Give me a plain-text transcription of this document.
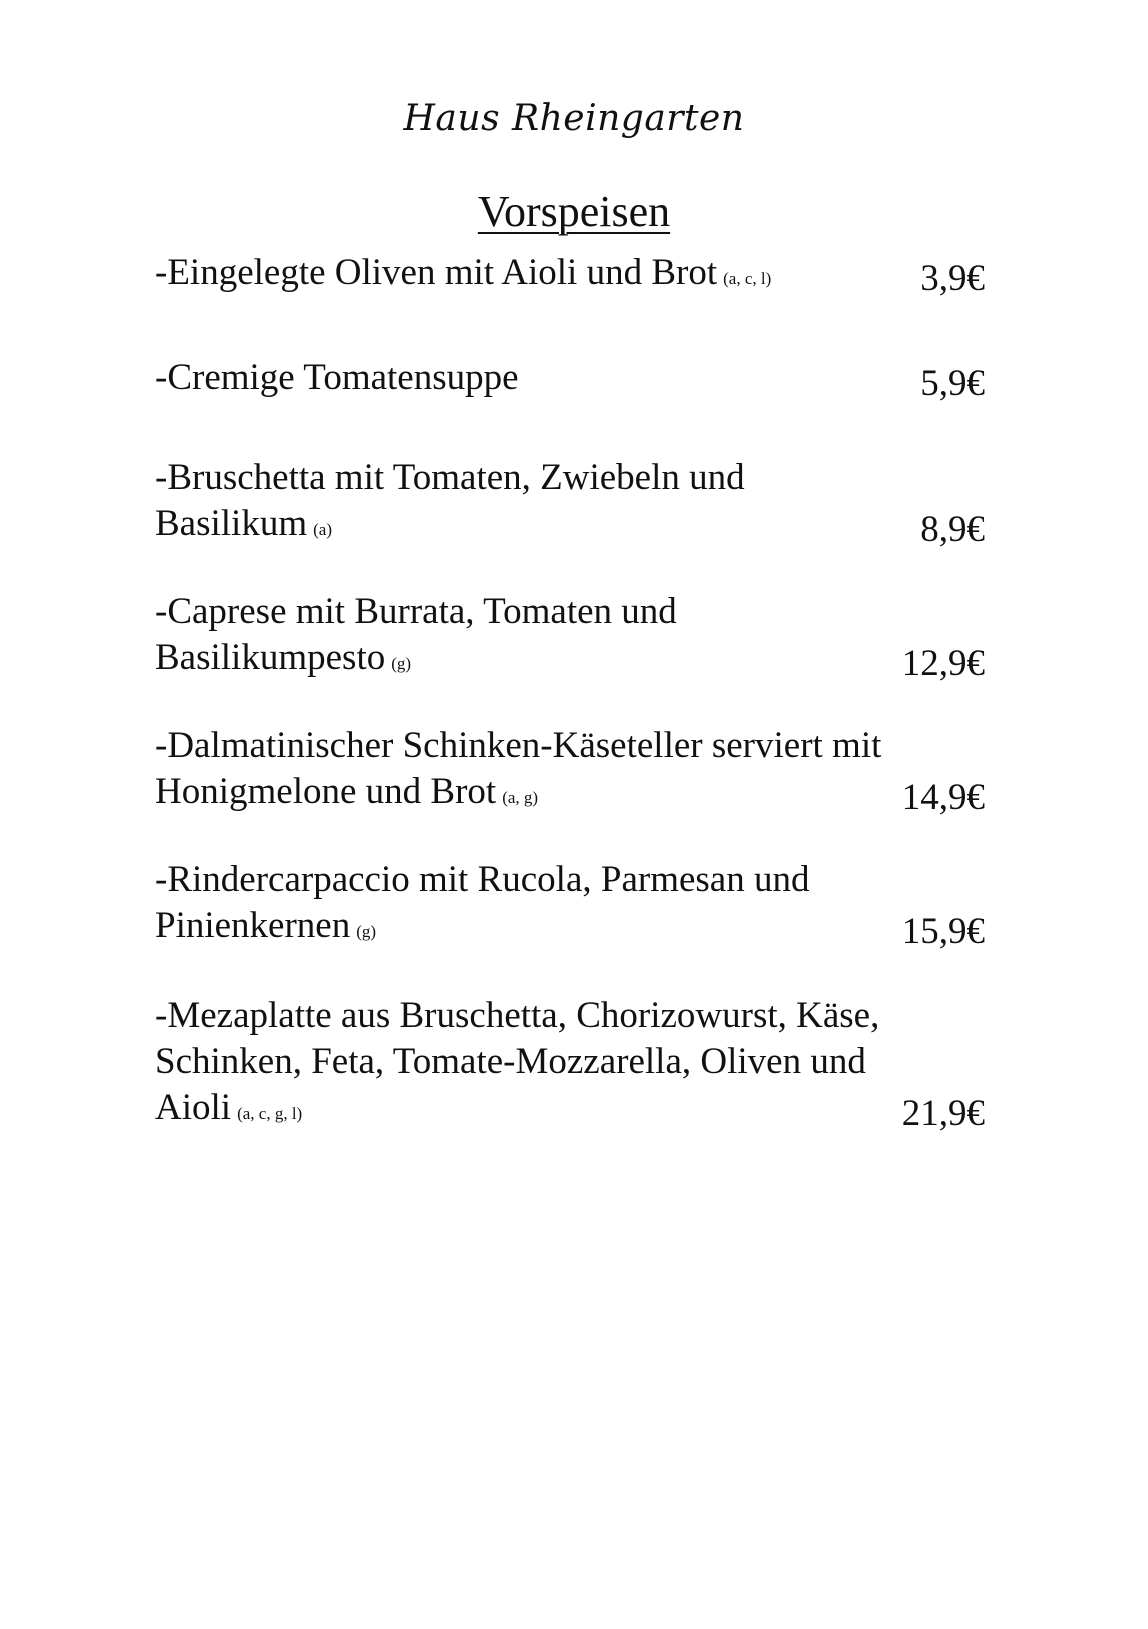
Haus Rheingarten
Vorspeisen
-Eingelegte Oliven mit Aioli und Brot (a, c, l)	3,9€
-Cremige Tomatensuppe	5,9€
-Bruschetta mit Tomaten, Zwiebeln und Basilikum (a)	8,9€
-Caprese mit Burrata, Tomaten und Basilikumpesto (g)	12,9€
-Dalmatinischer Schinken-Käseteller serviert mit Honigmelone und Brot (a, g)	14,9€
-Rindercarpaccio mit Rucola, Parmesan und Pinienkernen (g)	15,9€
-Mezaplatte aus Bruschetta, Chorizowurst, Käse, Schinken, Feta, Tomate-Mozzarella, Oliven und Aioli (a, c, g, l)	21,9€
